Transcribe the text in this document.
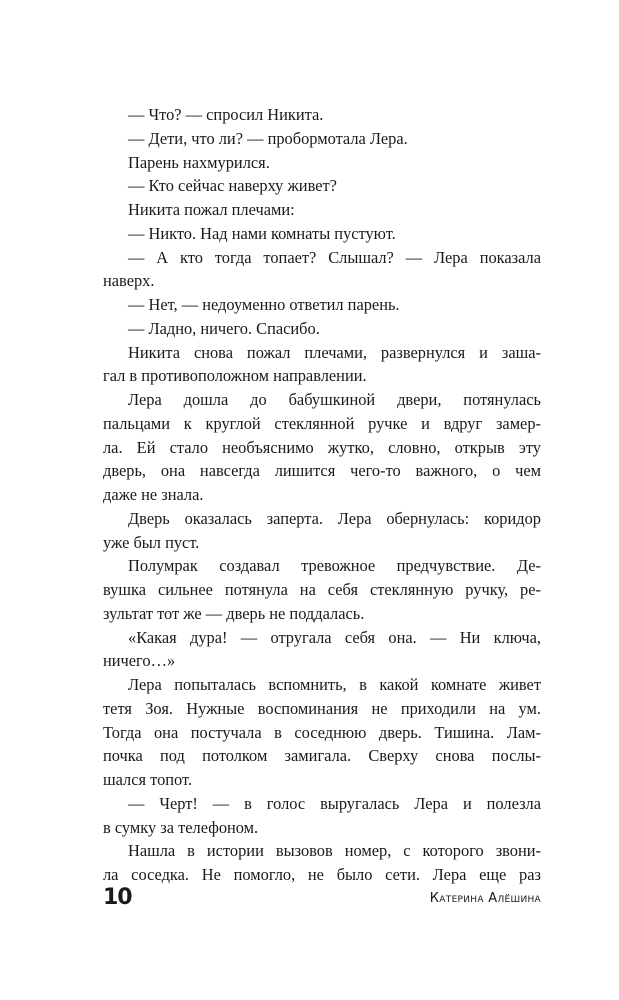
— Что? — спросил Никита.
— Дети, что ли? — пробормотала Лера.
Парень нахмурился.
— Кто сейчас наверху живет?
Никита пожал плечами:
— Никто. Над нами комнаты пустуют.
— А кто тогда топает? Слышал? — Лера показала
наверх.
— Нет, — недоуменно ответил парень.
— Ладно, ничего. Спасибо.
Никита снова пожал плечами, развернулся и заша-
гал в противоположном направлении.
Лера дошла до бабушкиной двери, потянулась
пальцами к круглой стеклянной ручке и вдруг замер-
ла. Ей стало необъяснимо жутко, словно, открыв эту
дверь, она навсегда лишится чего-то важного, о чем
даже не знала.
Дверь оказалась заперта. Лера обернулась: коридор
уже был пуст.
Полумрак создавал тревожное предчувствие. Де-
вушка сильнее потянула на себя стеклянную ручку, ре-
зультат тот же — дверь не поддалась.
«Какая дура! — отругала себя она. — Ни ключа,
ничего…»
Лера попыталась вспомнить, в какой комнате живет
тетя Зоя. Нужные воспоминания не приходили на ум.
Тогда она постучала в соседнюю дверь. Тишина. Лам-
почка под потолком замигала. Сверху снова послы-
шался топот.
— Черт! — в голос выругалась Лера и полезла
в сумку за телефоном.
Нашла в истории вызовов номер, с которого звони-
ла соседка. Не помогло, не было сети. Лера еще раз
10	Катерина Алёшина
